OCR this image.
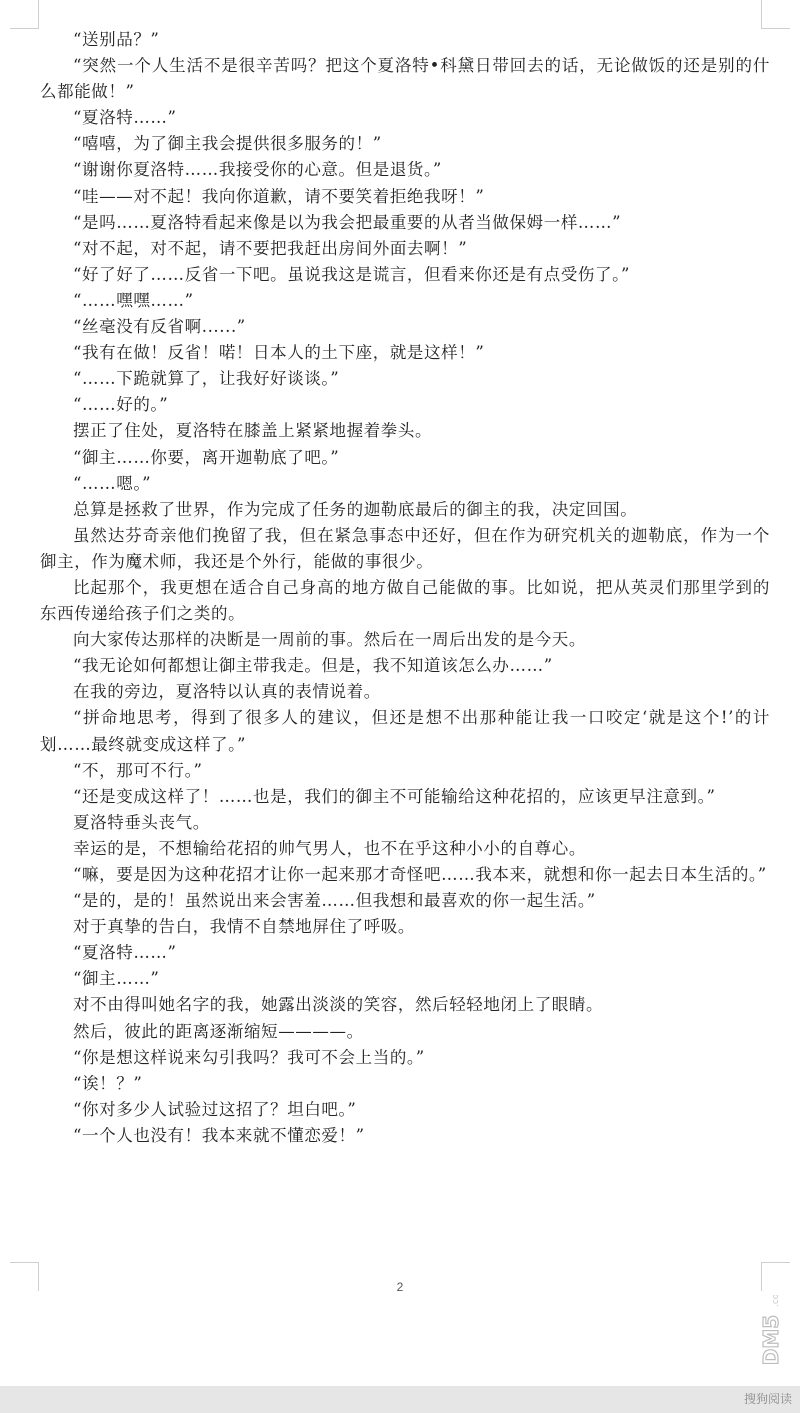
“送别品？”

“突然一个人生活不是很辛苦吗？把这个夏洛特•科黛日带回去的话，无论做饭的还是别的什么都能做！”

“夏洛特……”

“嘻嘻，为了御主我会提供很多服务的！”

“谢谢你夏洛特……我接受你的心意。但是退货。”

“哇——对不起！我向你道歉，请不要笑着拒绝我呀！”

“是吗……夏洛特看起来像是以为我会把最重要的从者当做保姆一样……”

“对不起，对不起，请不要把我赶出房间外面去啊！”

“好了好了……反省一下吧。虽说我这是谎言，但看来你还是有点受伤了。”

“……嘿嘿……”

“丝毫没有反省啊......”

“我有在做！反省！喏！日本人的土下座，就是这样！”

“……下跪就算了，让我好好谈谈。”

“……好的。”

摆正了住处，夏洛特在膝盖上紧紧地握着拳头。

“御主……你要，离开迦勒底了吧。”

“……嗯。”

总算是拯救了世界，作为完成了任务的迦勒底最后的御主的我，决定回国。

虽然达芬奇亲他们挽留了我，但在紧急事态中还好，但在作为研究机关的迦勒底，作为一个御主，作为魔术师，我还是个外行，能做的事很少。

比起那个，我更想在适合自己身高的地方做自己能做的事。比如说，把从英灵们那里学到的东西传递给孩子们之类的。

向大家传达那样的决断是一周前的事。然后在一周后出发的是今天。

“我无论如何都想让御主带我走。但是，我不知道该怎么办……”

在我的旁边，夏洛特以认真的表情说着。

“拼命地思考，得到了很多人的建议，但还是想不出那种能让我一口咬定‘就是这个!’的计划……最终就变成这样了。”

“不，那可不行。”

“还是变成这样了！……也是，我们的御主不可能输给这种花招的，应该更早注意到。”

夏洛特垂头丧气。

幸运的是，不想输给花招的帅气男人，也不在乎这种小小的自尊心。

“嘛，要是因为这种花招才让你一起来那才奇怪吧……我本来，就想和你一起去日本生活的。”

“是的，是的！虽然说出来会害羞……但我想和最喜欢的你一起生活。”

对于真挚的告白，我情不自禁地屏住了呼吸。

“夏洛特……”

“御主……”

对不由得叫她名字的我，她露出淡淡的笑容，然后轻轻地闭上了眼睛。

然后，彼此的距离逐渐缩短————。

“你是想这样说来勾引我吗？我可不会上当的。”

“诶！？”

“你对多少人试验过这招了？坦白吧。”

“一个人也没有！我本来就不懂恋爱！”

2
DM5
.com
搜狗阅读
